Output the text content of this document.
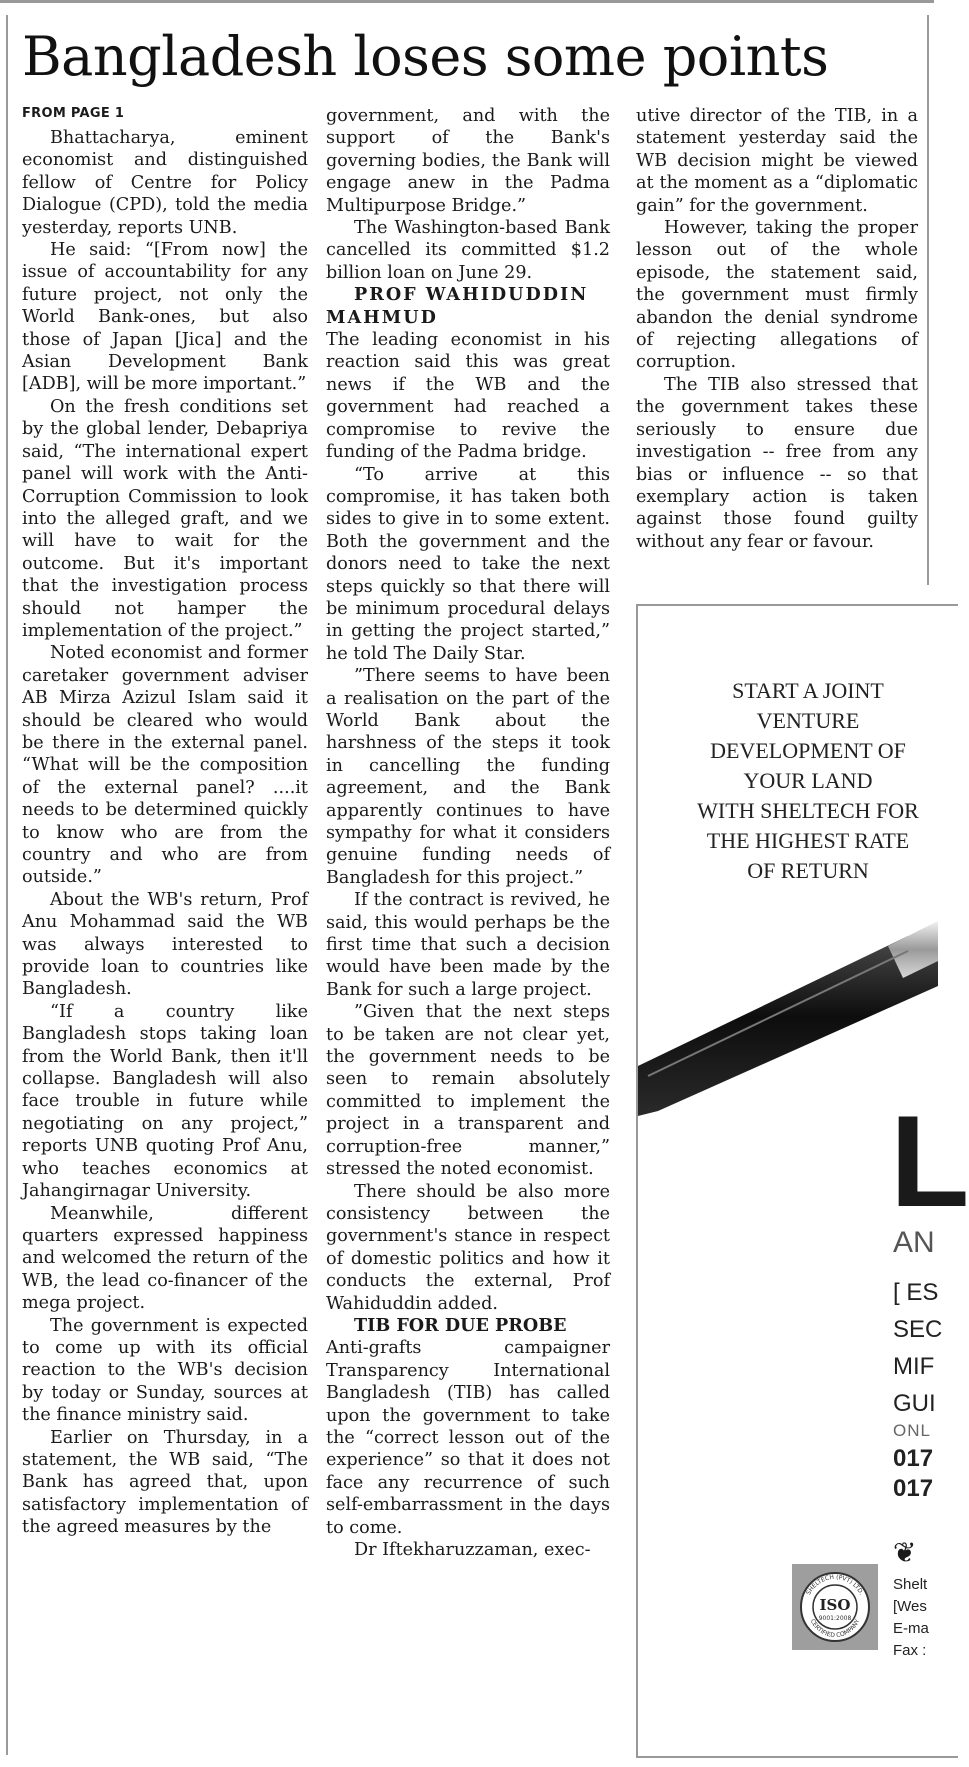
Bangladesh loses some points
FROM PAGE 1

Bhattacharya, eminent economist and distinguished fellow of Centre for Policy Dialogue (CPD), told the media yesterday, reports UNB.

He said: “[From now] the issue of accountability for any future project, not only the World Bank-ones, but also those of Japan [Jica] and the Asian Development Bank [ADB], will be more important.”

On the fresh conditions set by the global lender, Debapriya said, “The international expert panel will work with the Anti-Corruption Commission to look into the alleged graft, and we will have to wait for the outcome. But it's important that the investigation process should not hamper the implementation of the project.”

Noted economist and former caretaker government adviser AB Mirza Azizul Islam said it should be cleared who would be there in the external panel. “What will be the composition of the external panel? ....it needs to be determined quickly to know who are from the country and who are from outside.”

About the WB's return, Prof Anu Mohammad said the WB was always interested to provide loan to countries like Bangladesh.

“If a country like Bangladesh stops taking loan from the World Bank, then it'll collapse. Bangladesh will also face trouble in future while negotiating on any project,” reports UNB quoting Prof Anu, who teaches economics at Jahangirnagar University.

Meanwhile, different quarters expressed happiness and welcomed the return of the WB, the lead co-financer of the mega project.

The government is expected to come up with its official reaction to the WB's decision by today or Sunday, sources at the finance ministry said.

Earlier on Thursday, in a statement, the WB said, “The Bank has agreed that, upon satisfactory implementation of the agreed measures by the

government, and with the support of the Bank's governing bodies, the Bank will engage anew in the Padma Multipurpose Bridge.”

The Washington-based Bank cancelled its committed $1.2 billion loan on June 29.

PROF WAHIDUDDIN MAHMUD

The leading economist in his reaction said this was great news if the WB and the government had reached a compromise to revive the funding of the Padma bridge.

“To arrive at this compromise, it has taken both sides to give in to some extent. Both the government and the donors need to take the next steps quickly so that there will be minimum procedural delays in getting the project started,” he told The Daily Star.

”There seems to have been a realisation on the part of the World Bank about the harshness of the steps it took in cancelling the funding agreement, and the Bank apparently continues to have sympathy for what it considers genuine funding needs of Bangladesh for this project.”

If the contract is revived, he said, this would perhaps be the first time that such a decision would have been made by the Bank for such a large project.

”Given that the next steps to be taken are not clear yet, the government needs to be seen to remain absolutely committed to implement the project in a transparent and corruption-free manner,” stressed the noted economist.

There should be also more consistency between the government's stance in respect of domestic politics and how it conducts the external, Prof Wahiduddin added.

TIB FOR DUE PROBE

Anti-grafts campaigner Transparency International Bangladesh (TIB) has called upon the government to take the “correct lesson out of the experience” so that it does not face any recurrence of such self-embarrassment in the days to come.

Dr Iftekharuzzaman, exec-

utive director of the TIB, in a statement yesterday said the WB decision might be viewed at the moment as a “diplomatic gain” for the government.

However, taking the proper lesson out of the whole episode, the statement said, the government must firmly abandon the denial syndrome of rejecting allegations of corruption.

The TIB also stressed that the government takes these seriously to ensure due investigation -- free from any bias or influence -- so that exemplary action is taken against those found guilty without any fear or favour.

START A JOINT
VENTURE
DEVELOPMENT OF
YOUR LAND
WITH SHELTECH FOR
THE HIGHEST RATE
OF RETURN
L
AN
[ ES
SEC
MIF
GUI
ONL
017
017
❦
SHELTECH (PVT) LTD.
CERTIFIED COMPANY
ISO
9001:2008
Shelt
[Wes
E-ma
Fax :
